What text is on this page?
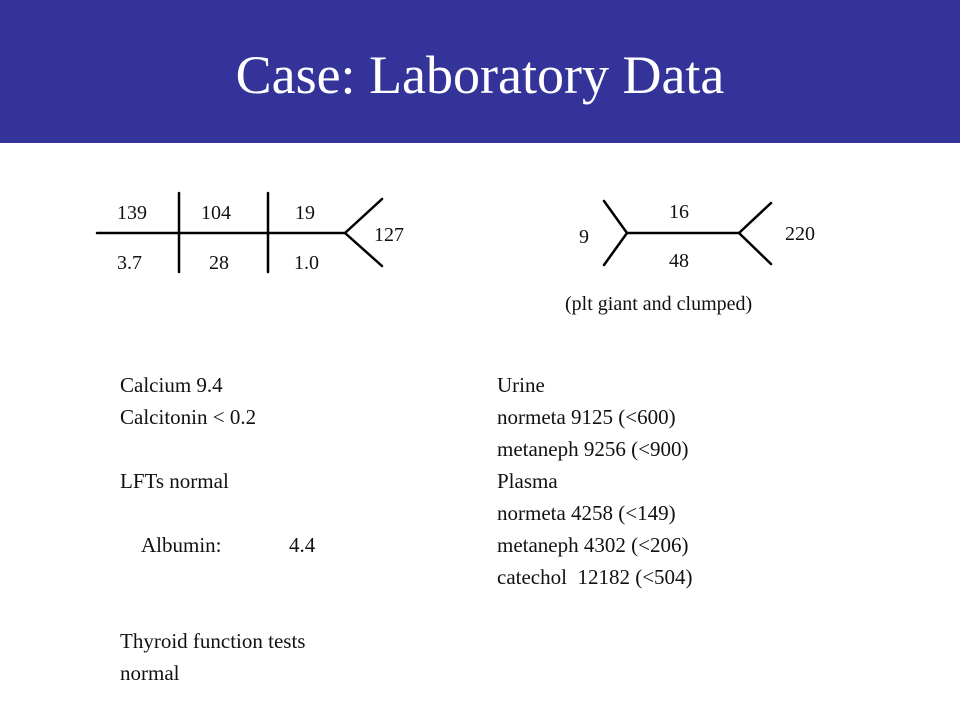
Case: Laboratory Data
139	104	19
3.7	28	1.0
127	9
16
48
220
(plt giant and clumped)
Calcium 9.4
Calcitonin < 0.2
LFTs normal

Albumin:	4.4

Thyroid function tests
normal
Urine
normeta 9125 (<600)
metaneph 9256 (<900)
Plasma
normeta 4258 (<149)
metaneph 4302 (<206)
catechol  12182 (<504)
